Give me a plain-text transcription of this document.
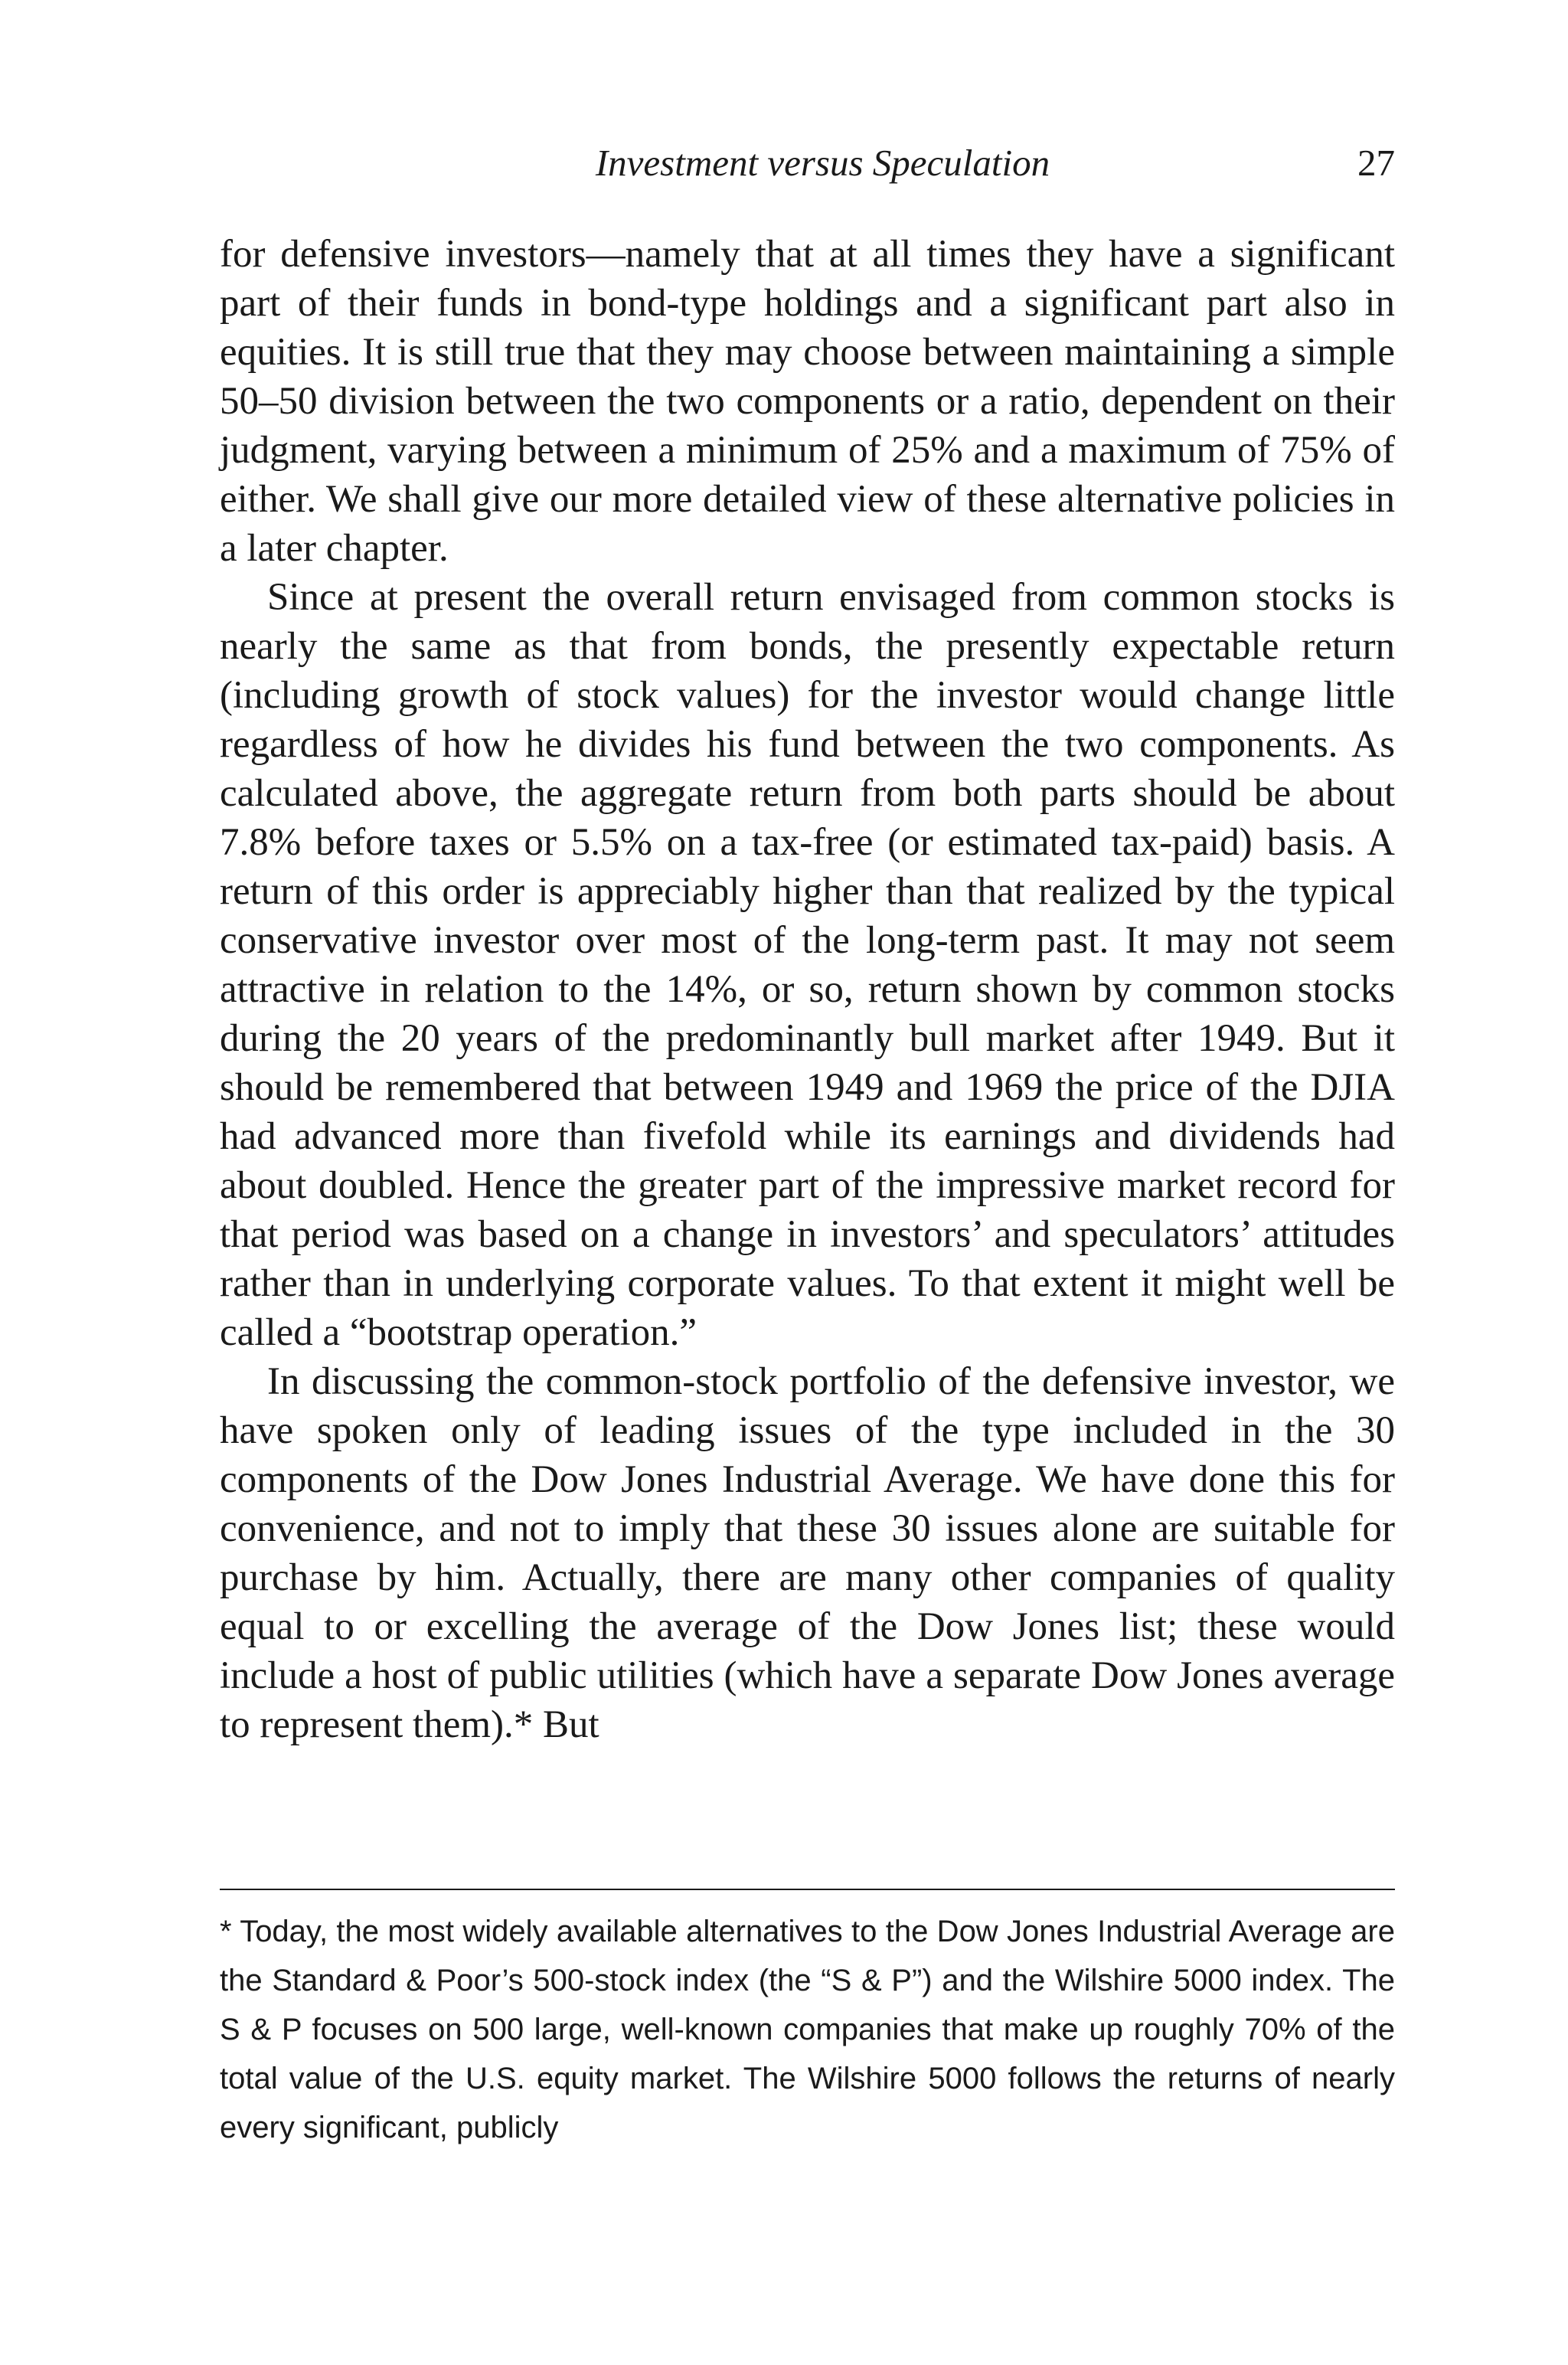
Investment versus Speculation	27

for defensive investors—namely that at all times they have a significant part of their funds in bond-type holdings and a significant part also in equities. It is still true that they may choose between maintaining a simple 50–50 division between the two components or a ratio, dependent on their judgment, varying between a minimum of 25% and a maximum of 75% of either. We shall give our more detailed view of these alternative policies in a later chapter.

Since at present the overall return envisaged from common stocks is nearly the same as that from bonds, the presently expectable return (including growth of stock values) for the investor would change little regardless of how he divides his fund between the two components. As calculated above, the aggregate return from both parts should be about 7.8% before taxes or 5.5% on a tax-free (or estimated tax-paid) basis. A return of this order is appreciably higher than that realized by the typical conservative investor over most of the long-term past. It may not seem attractive in relation to the 14%, or so, return shown by common stocks during the 20 years of the predominantly bull market after 1949. But it should be remembered that between 1949 and 1969 the price of the DJIA had advanced more than fivefold while its earnings and dividends had about doubled. Hence the greater part of the impressive market record for that period was based on a change in investors’ and speculators’ attitudes rather than in underlying corporate values. To that extent it might well be called a “bootstrap operation.”

In discussing the common-stock portfolio of the defensive investor, we have spoken only of leading issues of the type included in the 30 components of the Dow Jones Industrial Average. We have done this for convenience, and not to imply that these 30 issues alone are suitable for purchase by him. Actually, there are many other companies of quality equal to or excelling the average of the Dow Jones list; these would include a host of public utilities (which have a separate Dow Jones average to represent them).* But

* Today, the most widely available alternatives to the Dow Jones Industrial Average are the Standard & Poor’s 500-stock index (the “S & P”) and the Wilshire 5000 index. The S & P focuses on 500 large, well-known companies that make up roughly 70% of the total value of the U.S. equity market. The Wilshire 5000 follows the returns of nearly every significant, publicly
